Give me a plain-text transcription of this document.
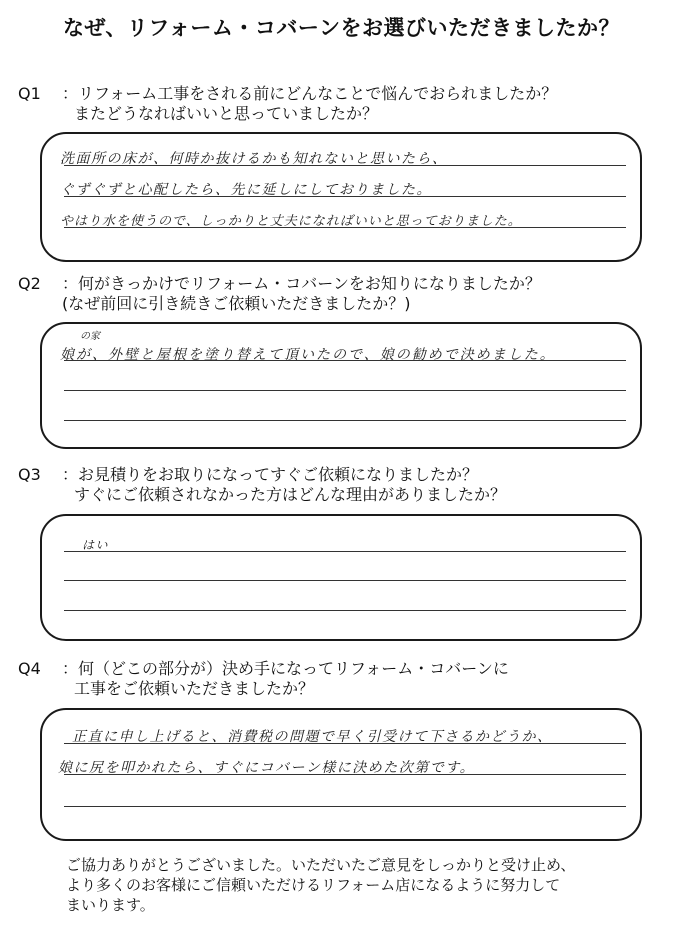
なぜ、リフォーム・コバーンをお選びいただきましたか？
Q1 ：リフォーム工事をされる前にどんなことで悩んでおられましたか？
またどうなればいいと思っていましたか？
洗面所の床が、何時か抜けるかも知れないと思いたら、
ぐずぐずと心配したら、先に延しにしておりました。
やはり水を使うので、しっかりと丈夫になればいいと思っておりました。
Q2 ：何がきっかけでリフォーム・コバーンをお知りになりましたか？
(なぜ前回に引き続きご依頼いただきましたか？)
の家
娘が、外壁と屋根を塗り替えて頂いたので、娘の勧めで決めました。
Q3 ：お見積りをお取りになってすぐご依頼になりましたか？
すぐにご依頼されなかった方はどんな理由がありましたか？
はい
Q4 ：何（どこの部分が）決め手になってリフォーム・コバーンに
工事をご依頼いただきましたか？
正直に申し上げると、消費税の問題で早く引受けて下さるかどうか、
娘に尻を叩かれたら、すぐにコバーン様に決めた次第です。
ご協力ありがとうございました。いただいたご意見をしっかりと受け止め、
より多くのお客様にご信頼いただけるリフォーム店になるように努力して
まいります。
